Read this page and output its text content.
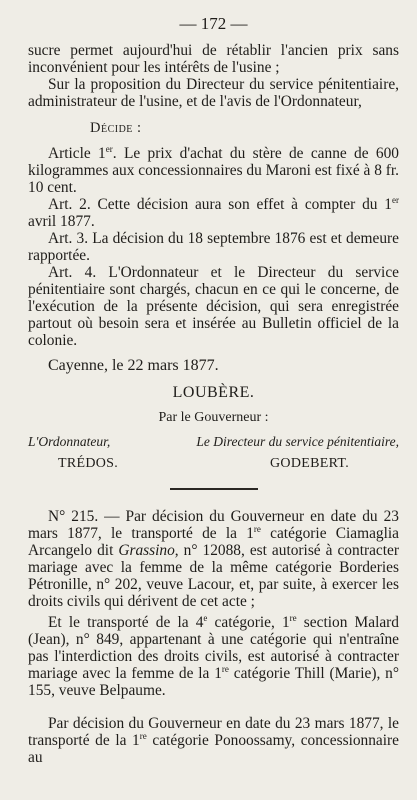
— 172 —

sucre permet aujourd'hui de rétablir l'ancien prix sans inconvénient pour les intérêts de l'usine ;

Sur la proposition du Directeur du service pénitentiaire, administrateur de l'usine, et de l'avis de l'Ordonnateur,

Décide :

Article 1er. Le prix d'achat du stère de canne de 600 kilogrammes aux concessionnaires du Maroni est fixé à 8 fr. 10 cent.

Art. 2. Cette décision aura son effet à compter du 1er avril 1877.

Art. 3. La décision du 18 septembre 1876 est et demeure rapportée.

Art. 4. L'Ordonnateur et le Directeur du service pénitentiaire sont chargés, chacun en ce qui le concerne, de l'exécution de la présente décision, qui sera enregistrée partout où besoin sera et insérée au Bulletin officiel de la colonie.

Cayenne, le 22 mars 1877.

LOUBÈRE.
Par le Gouverneur :
L'Ordonnateur,	Le Directeur du service pénitentiaire,
TRÉDOS.	GODEBERT.

N° 215. — Par décision du Gouverneur en date du 23 mars 1877, le transporté de la 1re catégorie Ciamaglia Arcangelo dit Grassino, n° 12088, est autorisé à contracter mariage avec la femme de la même catégorie Borderies Pétronille, n° 202, veuve Lacour, et, par suite, à exercer les droits civils qui dérivent de cet acte ;

Et le transporté de la 4e catégorie, 1re section Malard (Jean), n° 849, appartenant à une catégorie qui n'entraîne pas l'interdiction des droits civils, est autorisé à contracter mariage avec la femme de la 1re catégorie Thill (Marie), n° 155, veuve Belpaume.

Par décision du Gouverneur en date du 23 mars 1877, le transporté de la 1re catégorie Ponoossamy, concessionnaire au
